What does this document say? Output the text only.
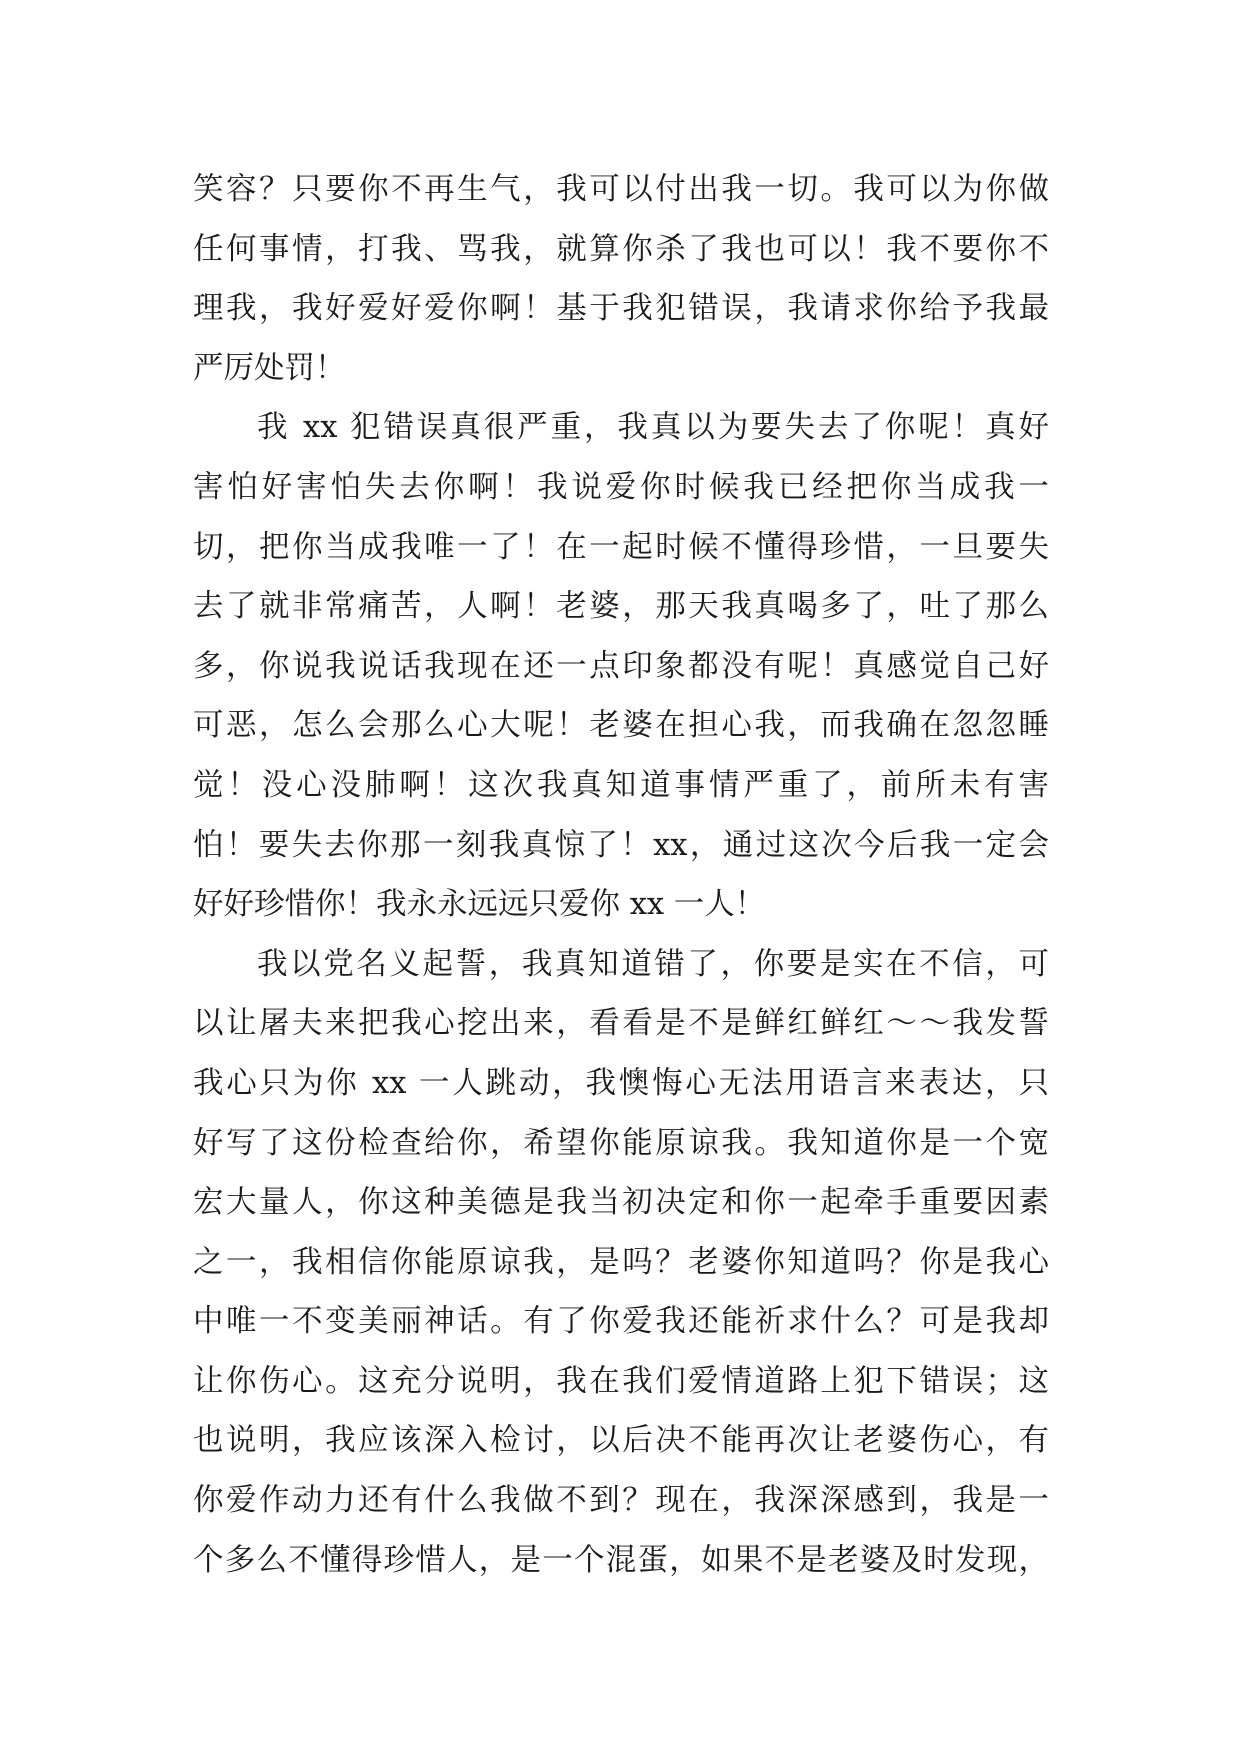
笑容？只要你不再生气，我可以付出我一切。我可以为你做
任何事情，打我、骂我，就算你杀了我也可以！我不要你不
理我，我好爱好爱你啊！基于我犯错误，我请求你给予我最
严厉处罚！
我 xx 犯错误真很严重，我真以为要失去了你呢！真好
害怕好害怕失去你啊！我说爱你时候我已经把你当成我一
切，把你当成我唯一了！在一起时候不懂得珍惜，一旦要失
去了就非常痛苦，人啊！老婆，那天我真喝多了，吐了那么
多，你说我说话我现在还一点印象都没有呢！真感觉自己好
可恶，怎么会那么心大呢！老婆在担心我，而我确在忽忽睡
觉！没心没肺啊！这次我真知道事情严重了，前所未有害
怕！要失去你那一刻我真惊了！xx，通过这次今后我一定会
好好珍惜你！我永永远远只爱你 xx 一人！
我以党名义起誓，我真知道错了，你要是实在不信，可
以让屠夫来把我心挖出来，看看是不是鲜红鲜红～～我发誓
我心只为你 xx 一人跳动，我懊悔心无法用语言来表达，只
好写了这份检查给你，希望你能原谅我。我知道你是一个宽
宏大量人，你这种美德是我当初决定和你一起牵手重要因素
之一，我相信你能原谅我，是吗？老婆你知道吗？你是我心
中唯一不变美丽神话。有了你爱我还能祈求什么？可是我却
让你伤心。这充分说明，我在我们爱情道路上犯下错误；这
也说明，我应该深入检讨，以后决不能再次让老婆伤心，有
你爱作动力还有什么我做不到？现在，我深深感到，我是一
个多么不懂得珍惜人，是一个混蛋，如果不是老婆及时发现，
